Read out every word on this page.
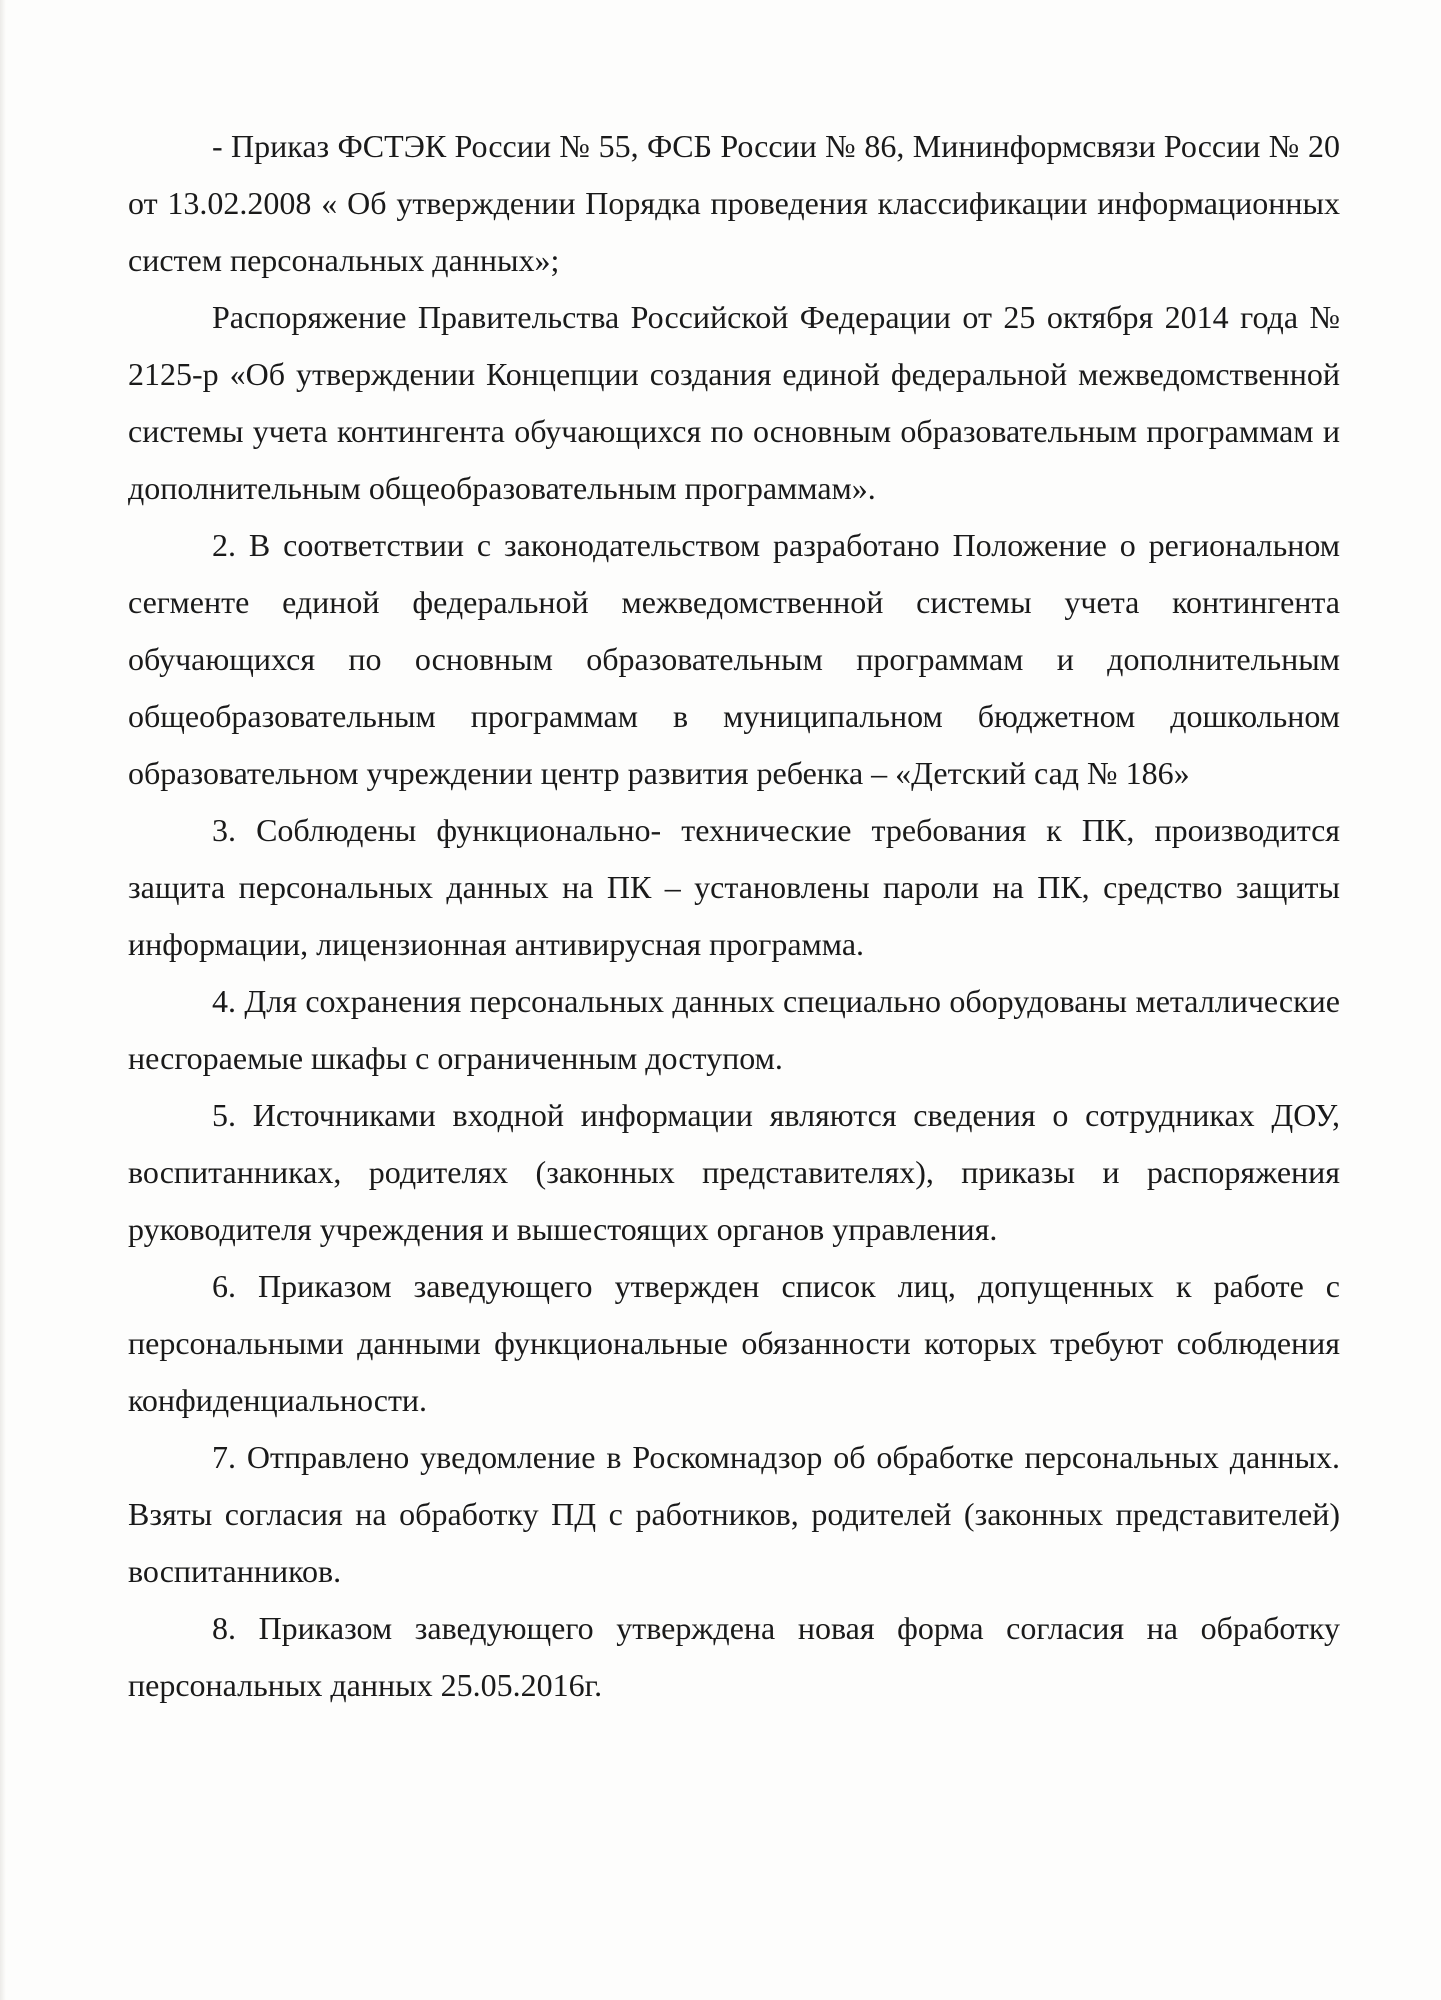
- Приказ ФСТЭК России № 55, ФСБ России № 86, Мининформсвязи России № 20 от 13.02.2008 « Об утверждении Порядка проведения классификации информационных систем персональных данных»;

Распоряжение Правительства Российской Федерации от 25 октября 2014 года № 2125-р «Об утверждении Концепции создания единой федеральной межведомственной системы учета контингента обучающихся по основным образовательным программам и дополнительным общеобразовательным программам».

2. В соответствии с законодательством разработано Положение о региональном сегменте единой федеральной межведомственной системы учета контингента обучающихся по основным образовательным программам и дополнительным общеобразовательным программам в муниципальном бюджетном дошкольном образовательном учреждении центр развития ребенка – «Детский сад № 186»

3. Соблюдены функционально- технические требования к ПК, производится защита персональных данных на ПК – установлены пароли на ПК, средство защиты информации, лицензионная антивирусная программа.

4. Для сохранения персональных данных специально оборудованы металлические несгораемые шкафы с ограниченным доступом.

5. Источниками входной информации являются сведения о сотрудниках ДОУ, воспитанниках, родителях (законных представителях), приказы и распоряжения руководителя учреждения и вышестоящих органов управления.

6. Приказом заведующего утвержден список лиц, допущенных к работе с персональными данными функциональные обязанности которых требуют соблюдения конфиденциальности.

7. Отправлено уведомление в Роскомнадзор об обработке персональных данных. Взяты согласия на обработку ПД с работников, родителей (законных представителей) воспитанников.

8. Приказом заведующего утверждена новая форма согласия на обработку персональных данных 25.05.2016г.
